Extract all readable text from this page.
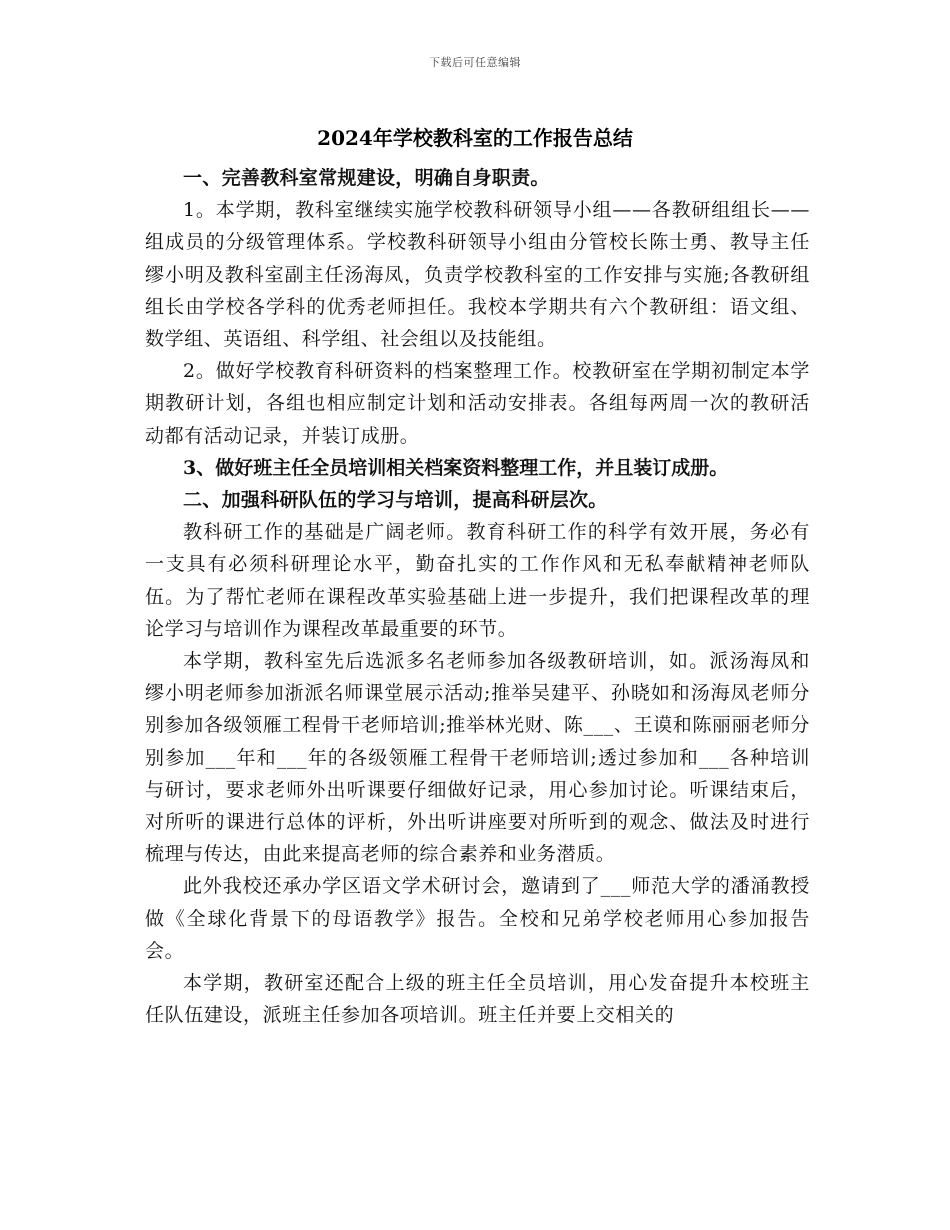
下载后可任意编辑
2024年学校教科室的工作报告总结

一、完善教科室常规建设，明确自身职责。

1。本学期，教科室继续实施学校教科研领导小组——各教研组组长——组成员的分级管理体系。学校教科研领导小组由分管校长陈士勇、教导主任缪小明及教科室副主任汤海凤，负责学校教科室的工作安排与实施;各教研组组长由学校各学科的优秀老师担任。我校本学期共有六个教研组：语文组、数学组、英语组、科学组、社会组以及技能组。

2。做好学校教育科研资料的档案整理工作。校教研室在学期初制定本学期教研计划，各组也相应制定计划和活动安排表。各组每两周一次的教研活动都有活动记录，并装订成册。

3、做好班主任全员培训相关档案资料整理工作，并且装订成册。

二、加强科研队伍的学习与培训，提高科研层次。

教科研工作的基础是广阔老师。教育科研工作的科学有效开展，务必有一支具有必须科研理论水平，勤奋扎实的工作作风和无私奉献精神老师队伍。为了帮忙老师在课程改革实验基础上进一步提升，我们把课程改革的理论学习与培训作为课程改革最重要的环节。

本学期，教科室先后选派多名老师参加各级教研培训，如。派汤海凤和缪小明老师参加浙派名师课堂展示活动;推举吴建平、孙晓如和汤海凤老师分别参加各级领雁工程骨干老师培训;推举林光财、陈___、王谟和陈丽丽老师分别参加___年和___年的各级领雁工程骨干老师培训;透过参加和___各种培训与研讨，要求老师外出听课要仔细做好记录，用心参加讨论。听课结束后，对所听的课进行总体的评析，外出听讲座要对所听到的观念、做法及时进行梳理与传达，由此来提高老师的综合素养和业务潜质。

此外我校还承办学区语文学术研讨会，邀请到了___师范大学的潘涌教授做《全球化背景下的母语教学》报告。全校和兄弟学校老师用心参加报告会。

本学期，教研室还配合上级的班主任全员培训，用心发奋提升本校班主任队伍建设，派班主任参加各项培训。班主任并要上交相关的
